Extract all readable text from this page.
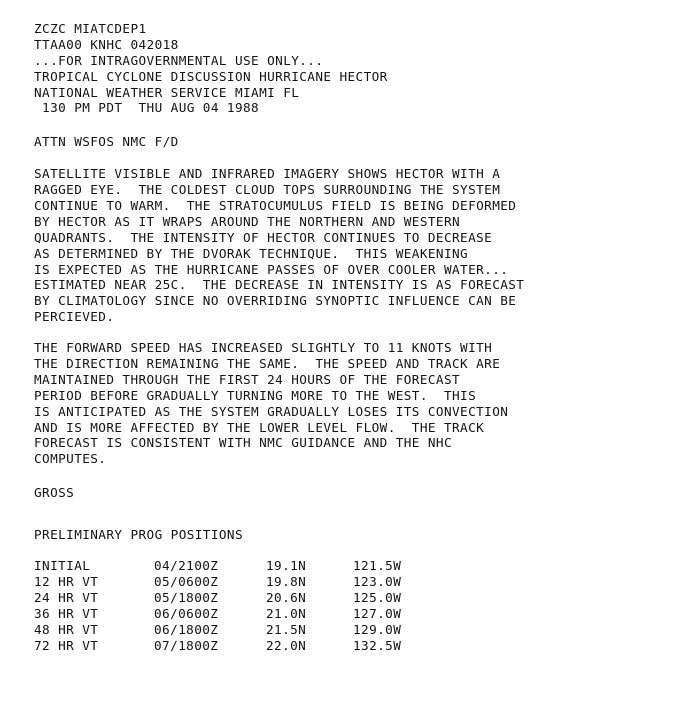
ZCZC MIATCDEP1
TTAA00 KNHC 042018
...FOR INTRAGOVERNMENTAL USE ONLY...
TROPICAL CYCLONE DISCUSSION HURRICANE HECTOR
NATIONAL WEATHER SERVICE MIAMI FL
130 PM PDT  THU AUG 04 1988
ATTN WSFOS NMC F/D
SATELLITE VISIBLE AND INFRARED IMAGERY SHOWS HECTOR WITH A
RAGGED EYE.  THE COLDEST CLOUD TOPS SURROUNDING THE SYSTEM
CONTINUE TO WARM.  THE STRATOCUMULUS FIELD IS BEING DEFORMED
BY HECTOR AS IT WRAPS AROUND THE NORTHERN AND WESTERN
QUADRANTS.  THE INTENSITY OF HECTOR CONTINUES TO DECREASE
AS DETERMINED BY THE DVORAK TECHNIQUE.  THIS WEAKENING
IS EXPECTED AS THE HURRICANE PASSES OF OVER COOLER WATER...
ESTIMATED NEAR 25C.  THE DECREASE IN INTENSITY IS AS FORECAST
BY CLIMATOLOGY SINCE NO OVERRIDING SYNOPTIC INFLUENCE CAN BE
PERCIEVED.
THE FORWARD SPEED HAS INCREASED SLIGHTLY TO 11 KNOTS WITH
THE DIRECTION REMAINING THE SAME.  THE SPEED AND TRACK ARE
MAINTAINED THROUGH THE FIRST 24 HOURS OF THE FORECAST
PERIOD BEFORE GRADUALLY TURNING MORE TO THE WEST.  THIS
IS ANTICIPATED AS THE SYSTEM GRADUALLY LOSES ITS CONVECTION
AND IS MORE AFFECTED BY THE LOWER LEVEL FLOW.  THE TRACK
FORECAST IS CONSISTENT WITH NMC GUIDANCE AND THE NHC
COMPUTES.
GROSS
PRELIMINARY PROG POSITIONS
INITIAL	04/2100Z	19.1N	121.5W
12 HR VT	05/0600Z	19.8N	123.0W
24 HR VT	05/1800Z	20.6N	125.0W
36 HR VT	06/0600Z	21.0N	127.0W
48 HR VT	06/1800Z	21.5N	129.0W
72 HR VT	07/1800Z	22.0N	132.5W
